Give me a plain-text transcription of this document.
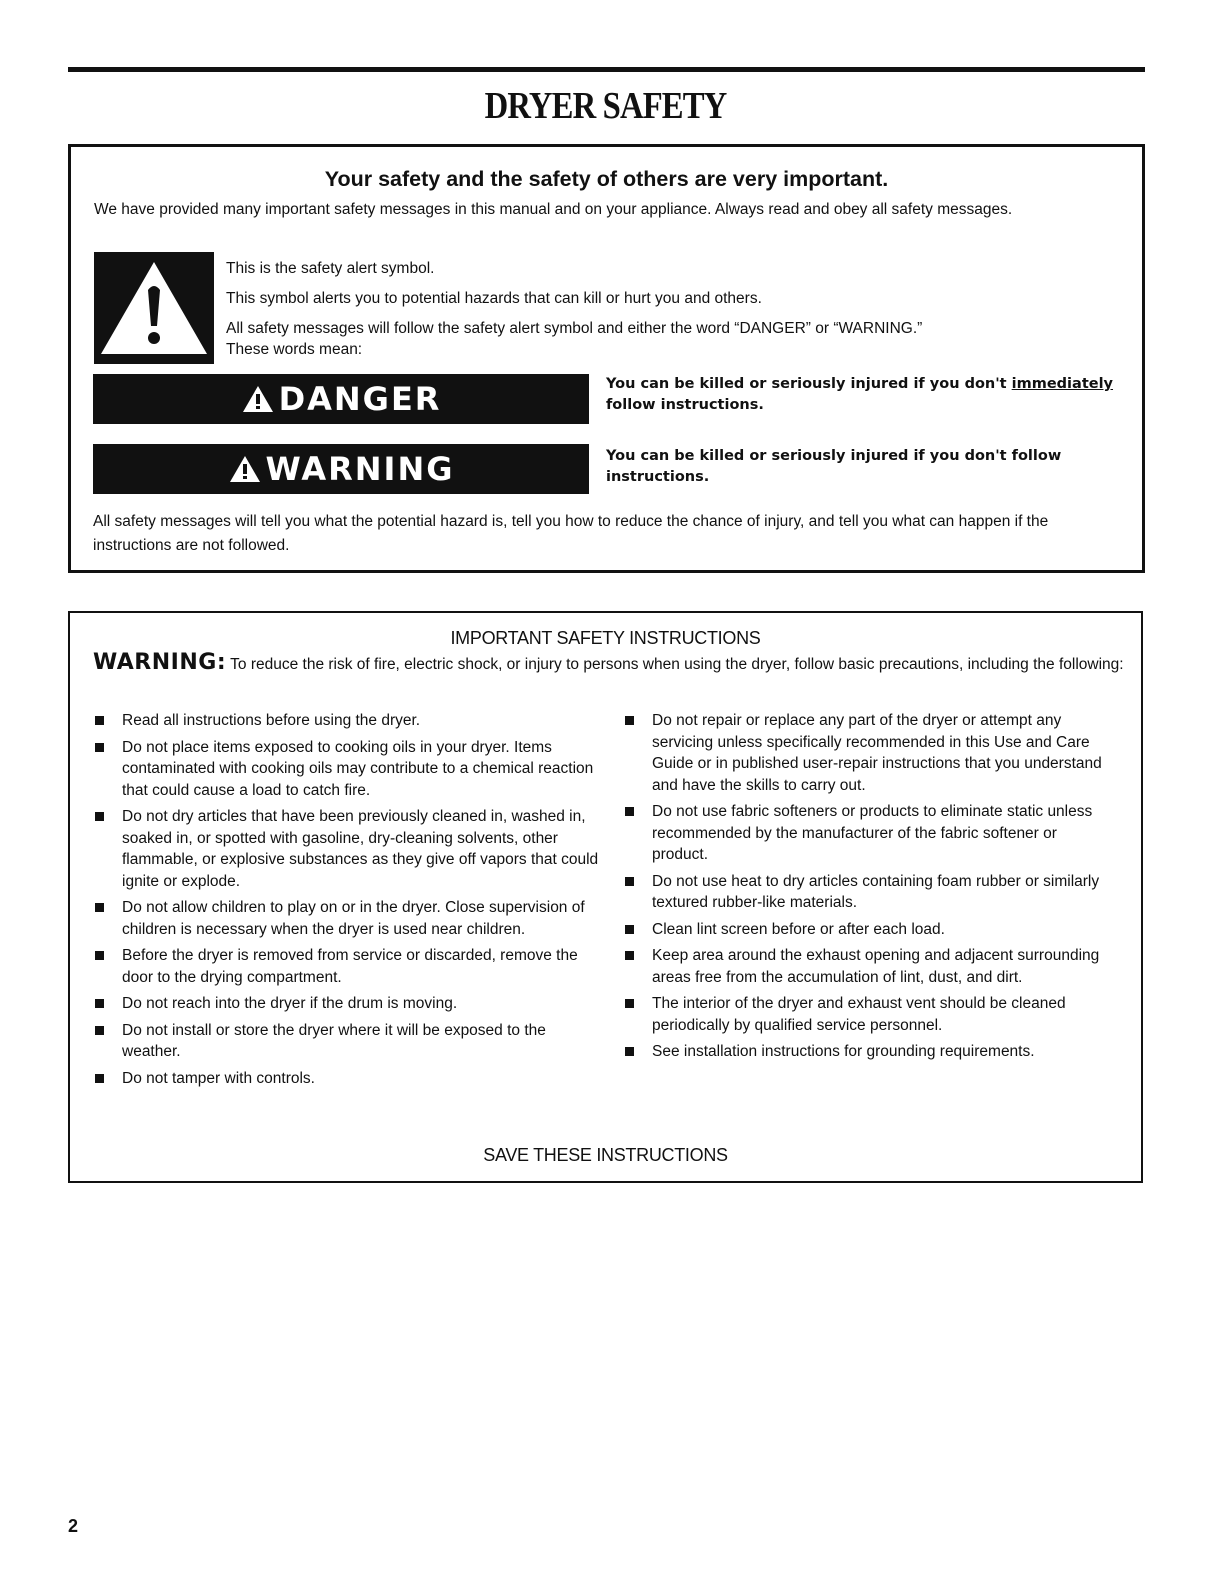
DRYER SAFETY
Your safety and the safety of others are very important.
We have provided many important safety messages in this manual and on your appliance. Always read and obey all safety messages.
This is the safety alert symbol.
This symbol alerts you to potential hazards that can kill or hurt you and others.
All safety messages will follow the safety alert symbol and either the word “DANGER” or “WARNING.”
These words mean:
DANGER	You can be killed or seriously injured if you don't immediately follow instructions.
WARNING	You can be killed or seriously injured if you don't follow instructions.
All safety messages will tell you what the potential hazard is, tell you how to reduce the chance of injury, and tell you what can happen if the instructions are not followed.
IMPORTANT SAFETY INSTRUCTIONS
WARNING: To reduce the risk of fire, electric shock, or injury to persons when using the dryer, follow basic precautions, including the following:
Read all instructions before using the dryer.
Do not place items exposed to cooking oils in your dryer. Items contaminated with cooking oils may contribute to a chemical reaction that could cause a load to catch fire.
Do not dry articles that have been previously cleaned in, washed in, soaked in, or spotted with gasoline, dry-cleaning solvents, other flammable, or explosive substances as they give off vapors that could ignite or explode.
Do not allow children to play on or in the dryer. Close supervision of children is necessary when the dryer is used near children.
Before the dryer is removed from service or discarded, remove the door to the drying compartment.
Do not reach into the dryer if the drum is moving.
Do not install or store the dryer where it will be exposed to the weather.
Do not tamper with controls.
Do not repair or replace any part of the dryer or attempt any servicing unless specifically recommended in this Use and Care Guide or in published user-repair instructions that you understand and have the skills to carry out.
Do not use fabric softeners or products to eliminate static unless recommended by the manufacturer of the fabric softener or product.
Do not use heat to dry articles containing foam rubber or similarly textured rubber-like materials.
Clean lint screen before or after each load.
Keep area around the exhaust opening and adjacent surrounding areas free from the accumulation of lint, dust, and dirt.
The interior of the dryer and exhaust vent should be cleaned periodically by qualified service personnel.
See installation instructions for grounding requirements.
SAVE THESE INSTRUCTIONS
2
